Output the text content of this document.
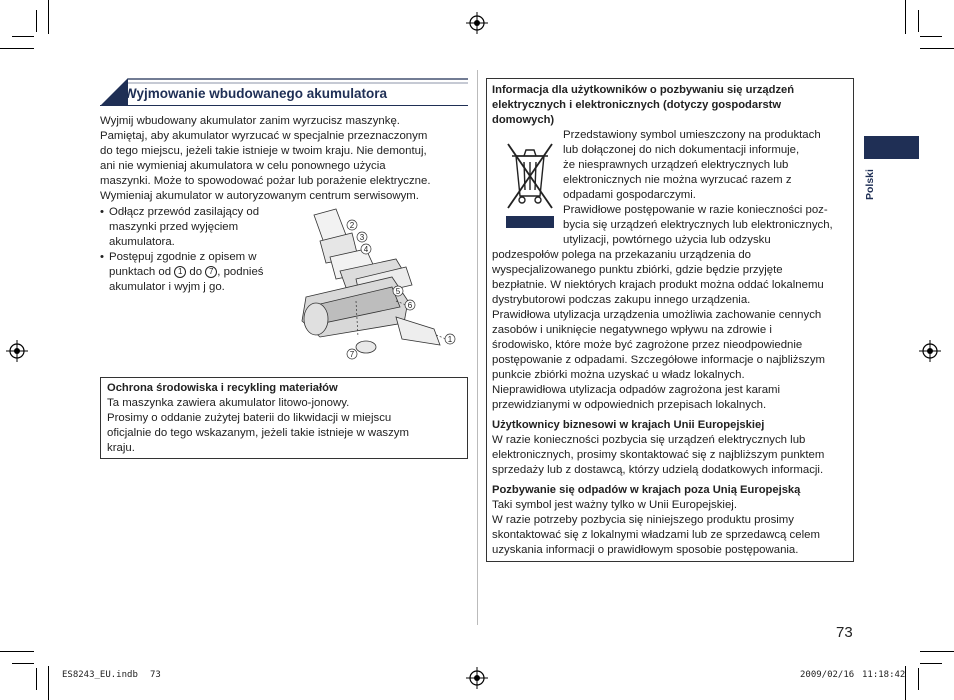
Wyjmowanie wbudowanego akumulatora

Wyjmij wbudowany akumulator zanim wyrzucisz maszynkę.

Pamiętaj, aby akumulator wyrzucać w specjalnie przeznaczonym

do tego miejscu, jeżeli takie istnieje w twoim kraju. Nie demontuj,

ani nie wymieniaj akumulatora w celu ponownego użycia

maszynki. Może to spowodować pożar lub porażenie elektryczne.

Wymieniaj akumulator w autoryzowanym centrum serwisowym.

• Odłącz przewód zasilający od
maszynki przed wyjęciem
akumulatora.
• Postępuj zgodnie z opisem w
punktach od 1 do 7 , podnieś
akumulator i wyjm j go.
2
3
4
5
6
1
7
Ochrona środowiska i recykling materiałów
Ta maszynka zawiera akumulator litowo-jonowy.
Prosimy o oddanie zużytej baterii do likwidacji w miejscu
oficjalnie do tego wskazanym, jeżeli takie istnieje w waszym
kraju.
Informacja dla użytkowników o pozbywaniu się urządzeń
elektrycznych i elektronicznych (dotyczy gospodarstw
domowych)
Przedstawiony symbol umieszczony na produktach
lub dołączonej do nich dokumentacji informuje,
że niesprawnych urządzeń elektrycznych lub
elektronicznych nie można wyrzucać razem z
odpadami gospodarczymi.
Prawidłowe postępowanie w razie konieczności poz-
bycia się urządzeń elektrycznych lub elektronicznych,
utylizacji, powtórnego użycia lub odzysku
podzespołów polega na przekazaniu urządzenia do
wyspecjalizowanego punktu zbiórki, gdzie będzie przyjęte
bezpłatnie. W niektórych krajach produkt można oddać lokalnemu
dystrybutorowi podczas zakupu innego urządzenia.
Prawidłowa utylizacja urządzenia umożliwia zachowanie cennych
zasobów i uniknięcie negatywnego wpływu na zdrowie i
środowisko, które może być zagrożone przez nieodpowiednie
postępowanie z odpadami. Szczegółowe informacje o najbliższym
punkcie zbiórki można uzyskać u władz lokalnych.
Nieprawidłowa utylizacja odpadów zagrożona jest karami
przewidzianymi w odpowiednich przepisach lokalnych.
Użytkownicy biznesowi w krajach Unii Europejskiej
W razie konieczności pozbycia się urządzeń elektrycznych lub
elektronicznych, prosimy skontaktować się z najbliższym punktem
sprzedaży lub z dostawcą, którzy udzielą dodatkowych informacji.
Pozbywanie się odpadów w krajach poza Unią Europejską
Taki symbol jest ważny tylko w Unii Europejskiej.
W razie potrzeby pozbycia się niniejszego produktu prosimy
skontaktować się z lokalnymi władzami lub ze sprzedawcą celem
uzyskania informacji o prawidłowym sposobie postępowania.
Polski
73
ES8243_EU.indb 73	2009/02/16 11:18:42
